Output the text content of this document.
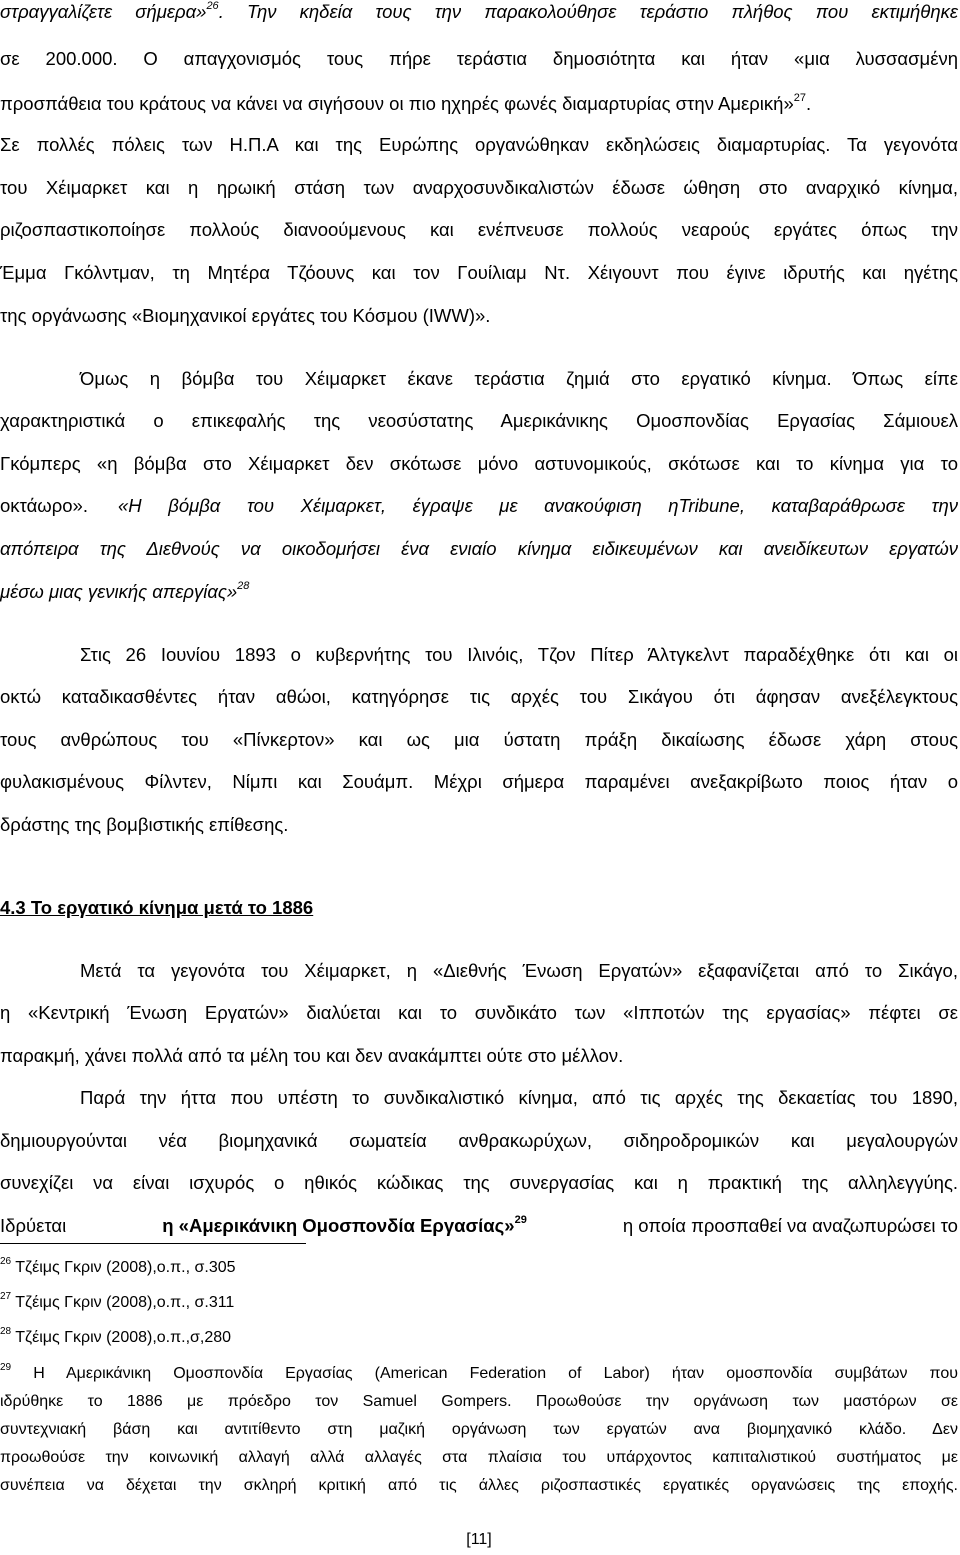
στραγγαλίζετε σήμερα»$^{26}$. Την κηδεία τους την παρακολούθησε τεράστιο πλήθος που εκτιμήθηκε
σε 200.000. Ο απαγχονισμός τους πήρε τεράστια δημοσιότητα και ήταν «μια λυσσασμένη
προσπάθεια του κράτους να κάνει να σιγήσουν οι πιο ηχηρές φωνές διαμαρτυρίας στην Αμερική»$^{27}$.
Σε πολλές πόλεις των Η.Π.Α και της Ευρώπης οργανώθηκαν εκδηλώσεις διαμαρτυρίας. Τα γεγονότα
του Χέιμαρκετ και η ηρωική στάση των αναρχοσυνδικαλιστών έδωσε ώθηση στο αναρχικό κίνημα,
ριζοσπαστικοποίησε πολλούς διανοούμενους και ενέπνευσε πολλούς νεαρούς εργάτες όπως την
Έμμα Γκόλντμαν, τη Μητέρα Τζόουνς και τον Γουίλιαμ Ντ. Χέιγουντ που έγινε ιδρυτής και ηγέτης
της οργάνωσης «Βιομηχανικοί εργάτες του Κόσμου (IWW)».
Όμως η βόμβα του Χέιμαρκετ έκανε τεράστια ζημιά στο εργατικό κίνημα. Όπως είπε
χαρακτηριστικά ο επικεφαλής της νεοσύστατης Αμερικάνικης Ομοσπονδίας Εργασίας Σάμιουελ
Γκόμπερς «η βόμβα στο Χέιμαρκετ δεν σκότωσε μόνο αστυνομικούς, σκότωσε και το κίνημα για το
οκτάωρο». «Η βόμβα του Χέιμαρκετ, έγραψε με ανακούφιση ηTribune, καταβαράθρωσε την
απόπειρα της Διεθνούς να οικοδομήσει ένα ενιαίο κίνημα ειδικευμένων και ανειδίκευτων εργατών
μέσω μιας γενικής απεργίας»$^{28}$
Στις 26 Ιουνίου 1893 ο κυβερνήτης του Ιλινόις, Τζον Πίτερ Άλτγκελντ παραδέχθηκε ότι και οι
οκτώ καταδικασθέντες ήταν αθώοι, κατηγόρησε τις αρχές του Σικάγου ότι άφησαν ανεξέλεγκτους
τους ανθρώπους του «Πίνκερτον» και ως μια ύστατη πράξη δικαίωσης έδωσε χάρη στους
φυλακισμένους Φίλντεν, Νίμπι και Σουάμπ. Μέχρι σήμερα παραμένει ανεξακρίβωτο ποιος ήταν ο
δράστης της βομβιστικής επίθεσης.
4.3 Το εργατικό κίνημα μετά το 1886
Μετά τα γεγονότα του Χέιμαρκετ, η «Διεθνής Ένωση Εργατών» εξαφανίζεται από το Σικάγο,
η «Κεντρική Ένωση Εργατών» διαλύεται και το συνδικάτο των «Ιπποτών της εργασίας» πέφτει σε
παρακμή, χάνει πολλά από τα μέλη του και δεν ανακάμπτει ούτε στο μέλλον.
Παρά την ήττα που υπέστη το συνδικαλιστικό κίνημα, από τις αρχές της δεκαετίας του 1890,
δημιουργούνται νέα βιομηχανικά σωματεία ανθρακωρύχων, σιδηροδρομικών και μεγαλουργών
συνεχίζει να είναι ισχυρός ο ηθικός κώδικας της συνεργασίας και η πρακτική της αλληλεγγύης.
Ιδρύεται	η «Αμερικάνικη Ομοσπονδία Εργασίας»$^{29}$	η οποία προσπαθεί να αναζωπυρώσει το
$^{26}$ Τζέιμς Γκριν (2008),ο.π., σ.305
$^{27}$ Τζέιμς Γκριν (2008),ο.π., σ.311
$^{28}$ Τζέιμς Γκριν (2008),ο.π.,σ,280
$^{29}$ Η Αμερικάνικη Ομοσπονδία Εργασίας (American Federation of Labor) ήταν ομοσπονδία συμβάτων που
ιδρύθηκε το 1886 με πρόεδρο τον Samuel Gompers. Προωθούσε την οργάνωση των μαστόρων σε
συντεχνιακή βάση και αντιτίθεντο στη μαζική οργάνωση των εργατών ανα βιομηχανικό κλάδο. Δεν
προωθούσε την κοινωνική αλλαγή αλλά αλλαγές στα πλαίσια του υπάρχοντος καπιταλιστικού συστήματος με
συνέπεια να δέχεται την σκληρή κριτική από τις άλλες ριζοσπαστικές εργατικές οργανώσεις της εποχής.
[11]
